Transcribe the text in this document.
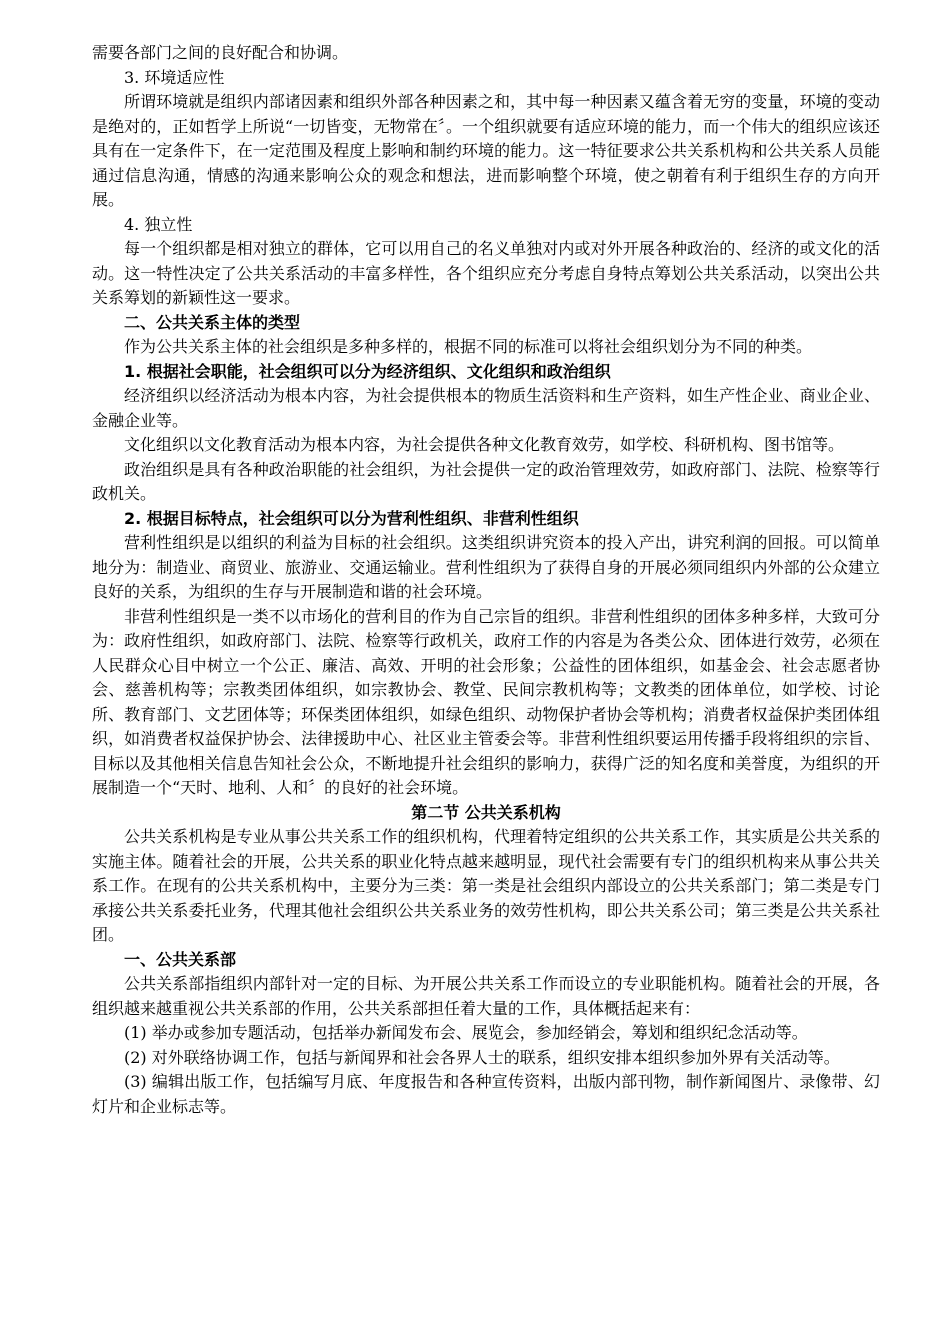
需要各部门之间的良好配合和协调。

3. 环境适应性

所谓环境就是组织内部诸因素和组织外部各种因素之和，其中每一种因素又蕴含着无穷的变量，环境的变动是绝对的，正如哲学上所说“一切皆变，无物常在〞。一个组织就要有适应环境的能力，而一个伟大的组织应该还具有在一定条件下，在一定范围及程度上影响和制约环境的能力。这一特征要求公共关系机构和公共关系人员能通过信息沟通，情感的沟通来影响公众的观念和想法，进而影响整个环境，使之朝着有利于组织生存的方向开展。

4. 独立性

每一个组织都是相对独立的群体，它可以用自己的名义单独对内或对外开展各种政治的、经济的或文化的活动。这一特性决定了公共关系活动的丰富多样性，各个组织应充分考虑自身特点筹划公共关系活动，以突出公共关系筹划的新颖性这一要求。

二、公共关系主体的类型

作为公共关系主体的社会组织是多种多样的，根据不同的标准可以将社会组织划分为不同的种类。

1. 根据社会职能，社会组织可以分为经济组织、文化组织和政治组织

经济组织以经济活动为根本内容，为社会提供根本的物质生活资料和生产资料，如生产性企业、商业企业、金融企业等。

文化组织以文化教育活动为根本内容，为社会提供各种文化教育效劳，如学校、科研机构、图书馆等。

政治组织是具有各种政治职能的社会组织，为社会提供一定的政治管理效劳，如政府部门、法院、检察等行政机关。

2. 根据目标特点，社会组织可以分为营利性组织、非营利性组织

营利性组织是以组织的利益为目标的社会组织。这类组织讲究资本的投入产出，讲究利润的回报。可以简单地分为：制造业、商贸业、旅游业、交通运输业。营利性组织为了获得自身的开展必须同组织内外部的公众建立良好的关系，为组织的生存与开展制造和谐的社会环境。

非营利性组织是一类不以市场化的营利目的作为自己宗旨的组织。非营利性组织的团体多种多样，大致可分为：政府性组织，如政府部门、法院、检察等行政机关，政府工作的内容是为各类公众、团体进行效劳，必须在人民群众心目中树立一个公正、廉洁、高效、开明的社会形象；公益性的团体组织，如基金会、社会志愿者协会、慈善机构等；宗教类团体组织，如宗教协会、教堂、民间宗教机构等；文教类的团体单位，如学校、讨论所、教育部门、文艺团体等；环保类团体组织，如绿色组织、动物保护者协会等机构；消费者权益保护类团体组织，如消费者权益保护协会、法律援助中心、社区业主管委会等。非营利性组织要运用传播手段将组织的宗旨、目标以及其他相关信息告知社会公众，不断地提升社会组织的影响力，获得广泛的知名度和美誉度，为组织的开展制造一个“天时、地利、人和〞的良好的社会环境。

第二节 公共关系机构

公共关系机构是专业从事公共关系工作的组织机构，代理着特定组织的公共关系工作，其实质是公共关系的实施主体。随着社会的开展，公共关系的职业化特点越来越明显，现代社会需要有专门的组织机构来从事公共关系工作。在现有的公共关系机构中，主要分为三类：第一类是社会组织内部设立的公共关系部门；第二类是专门承接公共关系委托业务，代理其他社会组织公共关系业务的效劳性机构，即公共关系公司；第三类是公共关系社团。

一、公共关系部

公共关系部指组织内部针对一定的目标、为开展公共关系工作而设立的专业职能机构。随着社会的开展，各组织越来越重视公共关系部的作用，公共关系部担任着大量的工作，具体概括起来有：

(1) 举办或参加专题活动，包括举办新闻发布会、展览会，参加经销会，筹划和组织纪念活动等。

(2) 对外联络协调工作，包括与新闻界和社会各界人士的联系，组织安排本组织参加外界有关活动等。

(3) 编辑出版工作，包括编写月底、年度报告和各种宣传资料，出版内部刊物，制作新闻图片、录像带、幻灯片和企业标志等。
